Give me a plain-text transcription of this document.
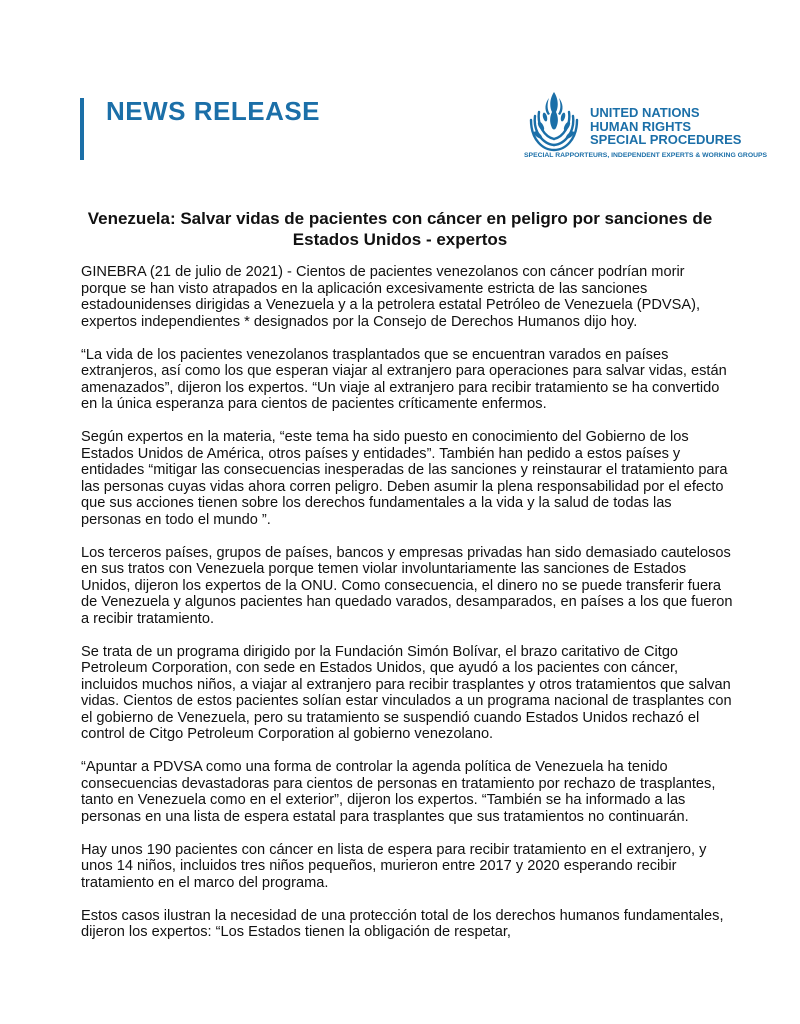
NEWS RELEASE	UNITED NATIONS
HUMAN RIGHTS
SPECIAL PROCEDURES
SPECIAL RAPPORTEURS, INDEPENDENT EXPERTS & WORKING GROUPS
Venezuela: Salvar vidas de pacientes con cáncer en peligro por sanciones de Estados Unidos - expertos

GINEBRA (21 de julio de 2021) - Cientos de pacientes venezolanos con cáncer podrían morir porque se han visto atrapados en la aplicación excesivamente estricta de las sanciones estadounidenses dirigidas a Venezuela y a la petrolera estatal Petróleo de Venezuela (PDVSA), expertos independientes * designados por la Consejo de Derechos Humanos dijo hoy.

“La vida de los pacientes venezolanos trasplantados que se encuentran varados en países extranjeros, así como los que esperan viajar al extranjero para operaciones para salvar vidas, están amenazados”, dijeron los expertos. “Un viaje al extranjero para recibir tratamiento se ha convertido en la única esperanza para cientos de pacientes críticamente enfermos.

Según expertos en la materia, “este tema ha sido puesto en conocimiento del Gobierno de los Estados Unidos de América, otros países y entidades”. También han pedido a estos países y entidades “mitigar las consecuencias inesperadas de las sanciones y reinstaurar el tratamiento para las personas cuyas vidas ahora corren peligro. Deben asumir la plena responsabilidad por el efecto que sus acciones tienen sobre los derechos fundamentales a la vida y la salud de todas las personas en todo el mundo ”.

Los terceros países, grupos de países, bancos y empresas privadas han sido demasiado cautelosos en sus tratos con Venezuela porque temen violar involuntariamente las sanciones de Estados Unidos, dijeron los expertos de la ONU. Como consecuencia, el dinero no se puede transferir fuera de Venezuela y algunos pacientes han quedado varados, desamparados, en países a los que fueron a recibir tratamiento.

Se trata de un programa dirigido por la Fundación Simón Bolívar, el brazo caritativo de Citgo Petroleum Corporation, con sede en Estados Unidos, que ayudó a los pacientes con cáncer, incluidos muchos niños, a viajar al extranjero para recibir trasplantes y otros tratamientos que salvan vidas. Cientos de estos pacientes solían estar vinculados a un programa nacional de trasplantes con el gobierno de Venezuela, pero su tratamiento se suspendió cuando Estados Unidos rechazó el control de Citgo Petroleum Corporation al gobierno venezolano.

“Apuntar a PDVSA como una forma de controlar la agenda política de Venezuela ha tenido consecuencias devastadoras para cientos de personas en tratamiento por rechazo de trasplantes, tanto en Venezuela como en el exterior”, dijeron los expertos. “También se ha informado a las personas en una lista de espera estatal para trasplantes que sus tratamientos no continuarán.

Hay unos 190 pacientes con cáncer en lista de espera para recibir tratamiento en el extranjero, y unos 14 niños, incluidos tres niños pequeños, murieron entre 2017 y 2020 esperando recibir tratamiento en el marco del programa.

Estos casos ilustran la necesidad de una protección total de los derechos humanos fundamentales, dijeron los expertos: “Los Estados tienen la obligación de respetar,
